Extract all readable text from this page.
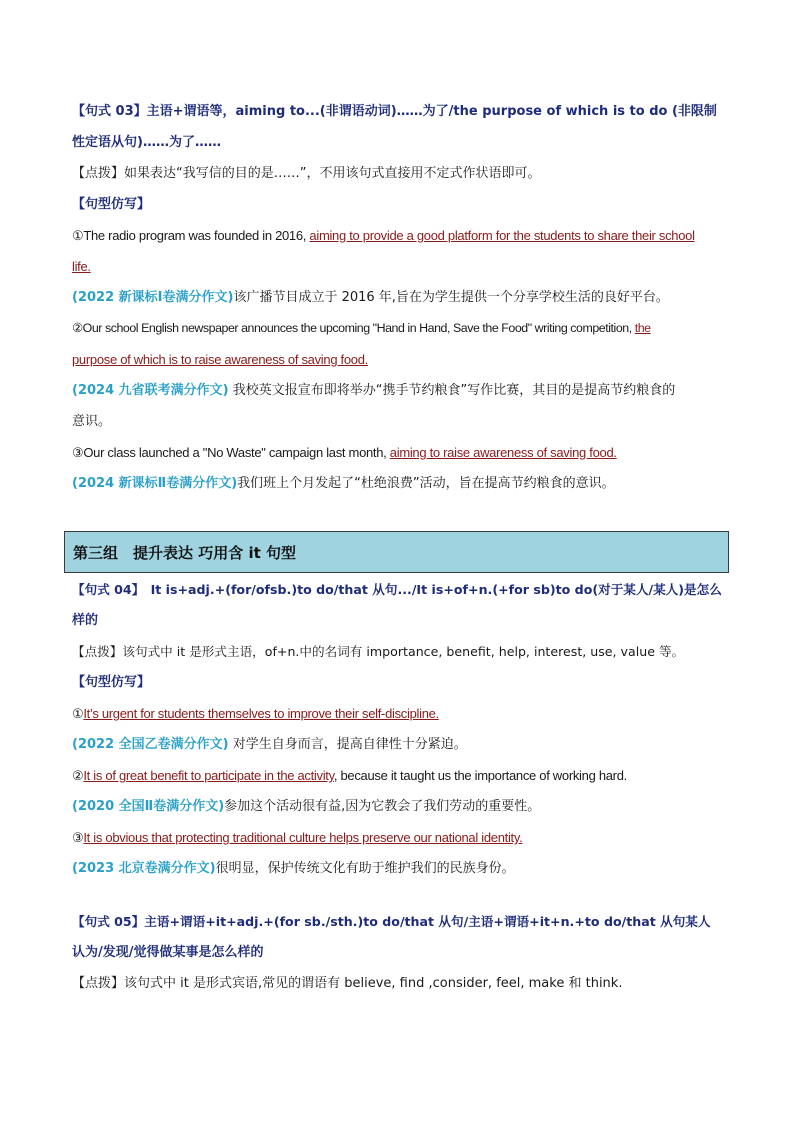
【句式 03】主语+谓语等，aiming to...(非谓语动词)……为了/the purpose of which is to do (非限制
性定语从句)……为了……
【点拨】如果表达“我写信的目的是……”，不用该句式直接用不定式作状语即可。
【句型仿写】
①The radio program was founded in 2016, aiming to provide a good platform for the students to share their school
life.
(2022 新课标Ⅰ卷满分作文)该广播节目成立于 2016 年,旨在为学生提供一个分享学校生活的良好平台。
②Our school English newspaper announces the upcoming "Hand in Hand, Save the Food" writing competition, the
purpose of which is to raise awareness of saving food.
(2024 九省联考满分作文) 我校英文报宣布即将举办“携手节约粮食”写作比赛，其目的是提高节约粮食的
意识。
③Our class launched a "No Waste" campaign last month, aiming to raise awareness of saving food.
(2024 新课标Ⅱ卷满分作文)我们班上个月发起了“杜绝浪费”活动，旨在提高节约粮食的意识。
第三组　提升表达 巧用含 it 句型
【句式 04】　It is+adj.+(for/ofsb.)to do/that 从句.../It is+of+n.(+for sb)to do(对于某人/某人)是怎么
样的
【点拨】该句式中 it 是形式主语，of+n.中的名词有 importance, benefit, help, interest, use, value 等。
【句型仿写】
①It’s urgent for students themselves to improve their self-discipline.
(2022 全国乙卷满分作文) 对学生自身而言，提高自律性十分紧迫。
②It is of great benefit to participate in the activity, because it taught us the importance of working hard.
(2020 全国Ⅱ卷满分作文)参加这个活动很有益,因为它教会了我们劳动的重要性。
③It is obvious that protecting traditional culture helps preserve our national identity.
(2023 北京卷满分作文)很明显，保护传统文化有助于维护我们的民族身份。
【句式 05】主语+谓语+it+adj.+(for sb./sth.)to do/that 从句/主语+谓语+it+n.+to do/that 从句某人
认为/发现/觉得做某事是怎么样的
【点拨】该句式中 it 是形式宾语,常见的谓语有 believe, find ,consider, feel, make 和 think.
